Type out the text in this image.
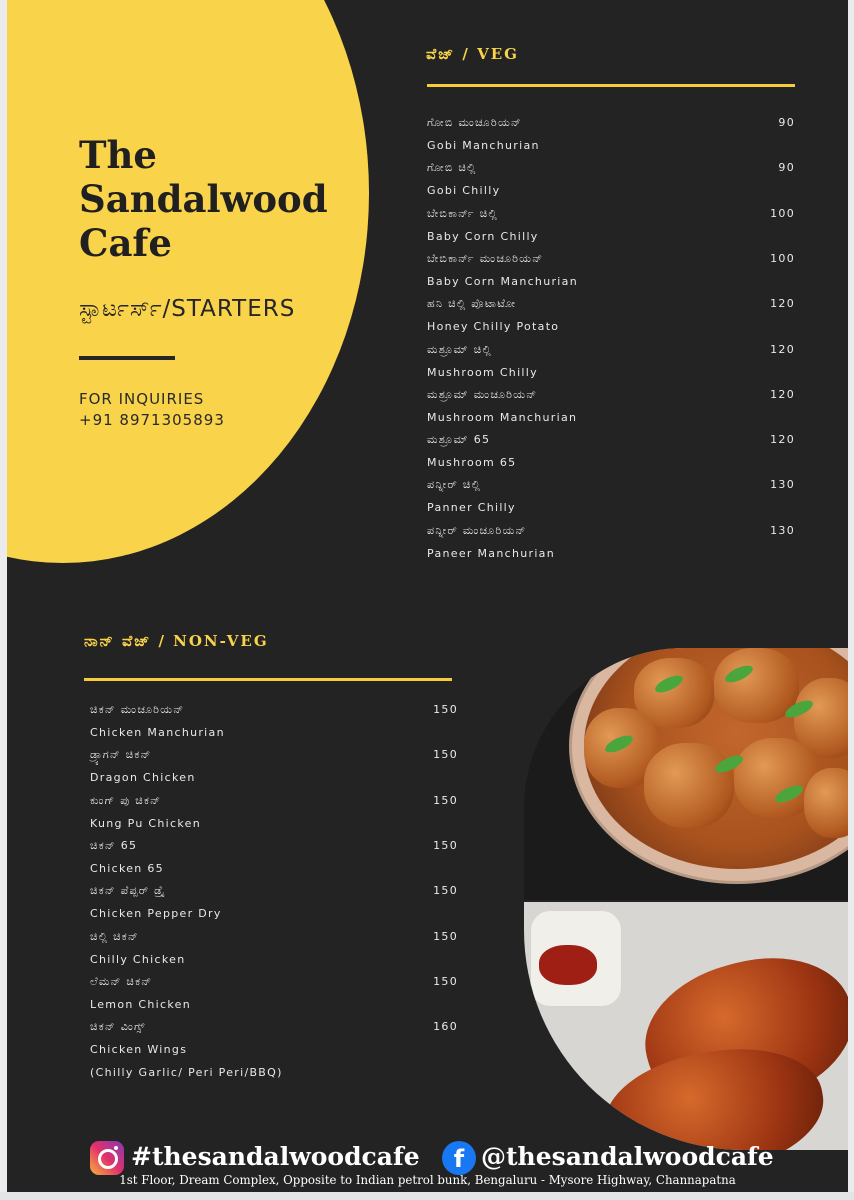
The
Sandalwood
Cafe
ಸ್ಟಾರ್ಟರ್ಸ್/STARTERS
FOR INQUIRIES
+91 8971305893
ವೆಜ್ / VEG
ಗೋಬಿ ಮಂಚೂರಿಯನ್
Gobi Manchurian
90
ಗೋಬಿ ಚಿಲ್ಲಿ
Gobi Chilly
90
ಬೇಬಿಕಾರ್ನ್ ಚಿಲ್ಲಿ
Baby Corn Chilly
100
ಬೇಬಿಕಾರ್ನ್ ಮಂಚೂರಿಯನ್
Baby Corn Manchurian
100
ಹನಿ ಚಿಲ್ಲಿ ಪೊಟಾಟೋ
Honey Chilly Potato
120
ಮಶ್ರೂಮ್ ಚಿಲ್ಲಿ
Mushroom Chilly
120
ಮಶ್ರೂಮ್ ಮಂಚೂರಿಯನ್
Mushroom Manchurian
120
ಮಶ್ರೂಮ್ 65
Mushroom 65
120
ಪನ್ನೀರ್ ಚಿಲ್ಲಿ
Panner Chilly
130
ಪನ್ನೀರ್ ಮಂಚೂರಿಯನ್
Paneer Manchurian
130
ನಾನ್ ವೆಜ್ / NON-VEG
ಚಿಕನ್ ಮಂಚೂರಿಯನ್
Chicken Manchurian
150
ಡ್ರ್ಯಾಗನ್ ಚಿಕನ್
Dragon Chicken
150
ಕುಂಗ್ ಪು ಚಿಕನ್
Kung Pu Chicken
150
ಚಿಕನ್ 65
Chicken 65
150
ಚಿಕನ್ ಪೆಪ್ಪರ್ ಡ್ರೈ
Chicken Pepper Dry
150
ಚಿಲ್ಲಿ ಚಿಕನ್
Chilly Chicken
150
ಲೆಮನ್ ಚಿಕನ್
Lemon Chicken
150
ಚಿಕನ್ ವಿಂಗ್ಸ್
Chicken Wings
160
(Chilly Garlic/ Peri Peri/BBQ)
#thesandalwoodcafe	f @thesandalwoodcafe
1st Floor, Dream Complex, Opposite to Indian petrol bunk, Bengaluru - Mysore Highway, Channapatna
